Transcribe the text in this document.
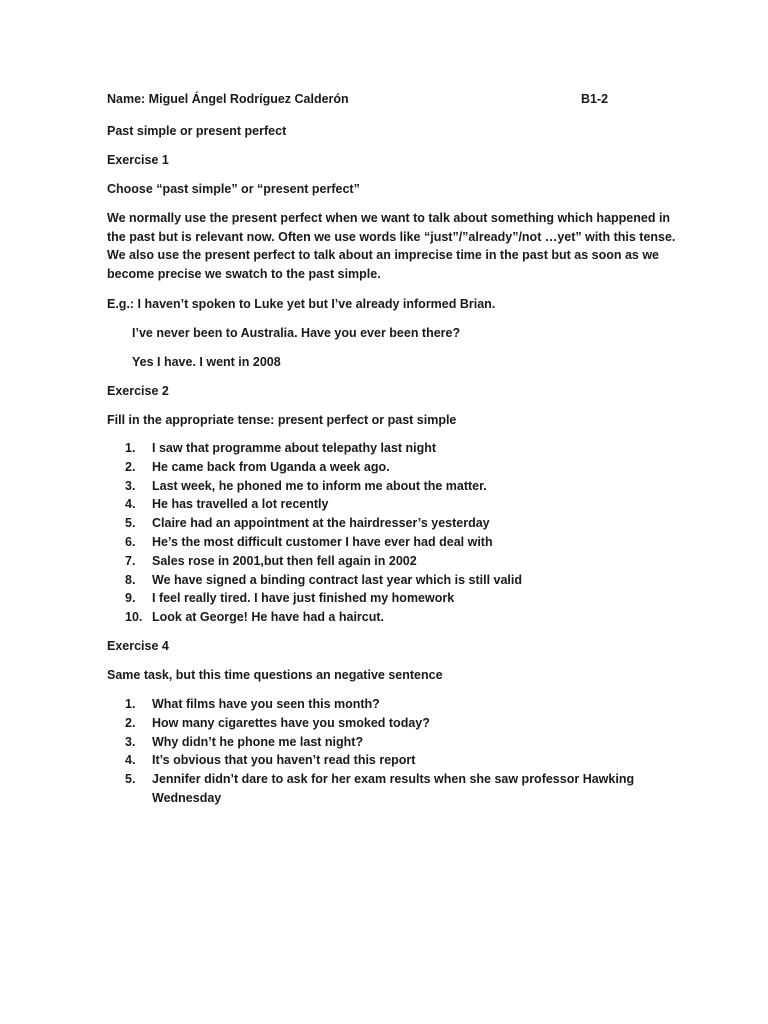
Name: Miguel Ángel Rodríguez Calderón	B1-2
Past simple or present perfect
Exercise 1
Choose “past simple” or “present perfect”
We normally use the present perfect when we want to talk about something which happened in
the past but is relevant now. Often we use words like “just”/”already”/not …yet” with this tense.
We also use the present perfect to talk about an imprecise time in the past but as soon as we
become precise we swatch to the past simple.
E.g.: I haven’t spoken to Luke yet but I’ve already informed Brian.
I’ve never been to Australia. Have you ever been there?
Yes I have. I went in 2008
Exercise 2
Fill in the appropriate tense: present perfect or past simple
1.	I saw that programme about telepathy last night
2.	He came back from Uganda a week ago.
3.	Last week, he phoned me to inform me about the matter.
4.	He has travelled a lot recently
5.	Claire had an appointment at the hairdresser’s yesterday
6.	He’s the most difficult customer I have ever had deal with
7.	Sales rose in 2001,but then fell again in 2002
8.	We have signed a binding contract last year which is still valid
9.	I feel really tired. I have just finished my homework
10. Look at George! He have had a haircut.
Exercise 4
Same task, but this time questions an negative sentence
1.	What films have you seen this month?
2.	How many cigarettes have you smoked today?
3.	Why didn’t he phone me last night?
4.	It’s obvious that you haven’t read this report
5.	Jennifer didn’t dare to ask for her exam results when she saw professor Hawking
Wednesday
